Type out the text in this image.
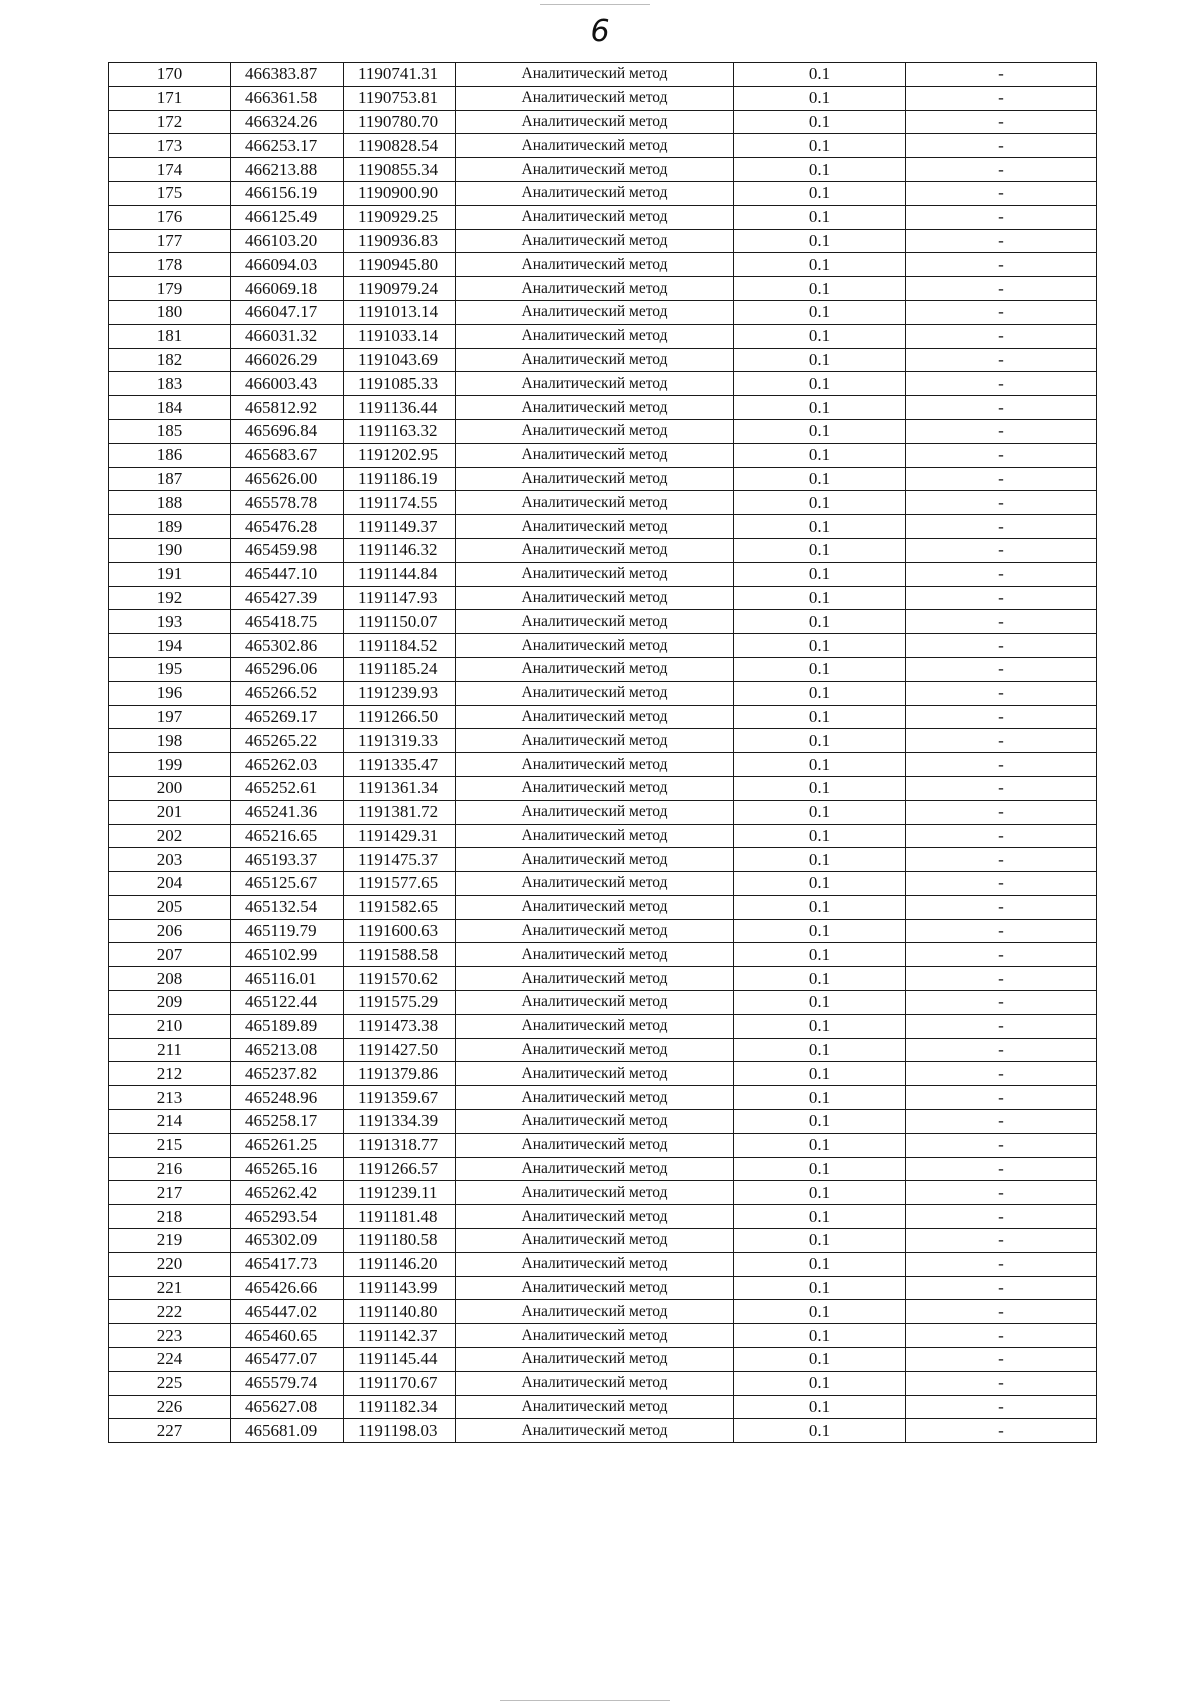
6
170	466383.87	1190741.31	Аналитический метод	0.1	-
171	466361.58	1190753.81	Аналитический метод	0.1	-
172	466324.26	1190780.70	Аналитический метод	0.1	-
173	466253.17	1190828.54	Аналитический метод	0.1	-
174	466213.88	1190855.34	Аналитический метод	0.1	-
175	466156.19	1190900.90	Аналитический метод	0.1	-
176	466125.49	1190929.25	Аналитический метод	0.1	-
177	466103.20	1190936.83	Аналитический метод	0.1	-
178	466094.03	1190945.80	Аналитический метод	0.1	-
179	466069.18	1190979.24	Аналитический метод	0.1	-
180	466047.17	1191013.14	Аналитический метод	0.1	-
181	466031.32	1191033.14	Аналитический метод	0.1	-
182	466026.29	1191043.69	Аналитический метод	0.1	-
183	466003.43	1191085.33	Аналитический метод	0.1	-
184	465812.92	1191136.44	Аналитический метод	0.1	-
185	465696.84	1191163.32	Аналитический метод	0.1	-
186	465683.67	1191202.95	Аналитический метод	0.1	-
187	465626.00	1191186.19	Аналитический метод	0.1	-
188	465578.78	1191174.55	Аналитический метод	0.1	-
189	465476.28	1191149.37	Аналитический метод	0.1	-
190	465459.98	1191146.32	Аналитический метод	0.1	-
191	465447.10	1191144.84	Аналитический метод	0.1	-
192	465427.39	1191147.93	Аналитический метод	0.1	-
193	465418.75	1191150.07	Аналитический метод	0.1	-
194	465302.86	1191184.52	Аналитический метод	0.1	-
195	465296.06	1191185.24	Аналитический метод	0.1	-
196	465266.52	1191239.93	Аналитический метод	0.1	-
197	465269.17	1191266.50	Аналитический метод	0.1	-
198	465265.22	1191319.33	Аналитический метод	0.1	-
199	465262.03	1191335.47	Аналитический метод	0.1	-
200	465252.61	1191361.34	Аналитический метод	0.1	-
201	465241.36	1191381.72	Аналитический метод	0.1	-
202	465216.65	1191429.31	Аналитический метод	0.1	-
203	465193.37	1191475.37	Аналитический метод	0.1	-
204	465125.67	1191577.65	Аналитический метод	0.1	-
205	465132.54	1191582.65	Аналитический метод	0.1	-
206	465119.79	1191600.63	Аналитический метод	0.1	-
207	465102.99	1191588.58	Аналитический метод	0.1	-
208	465116.01	1191570.62	Аналитический метод	0.1	-
209	465122.44	1191575.29	Аналитический метод	0.1	-
210	465189.89	1191473.38	Аналитический метод	0.1	-
211	465213.08	1191427.50	Аналитический метод	0.1	-
212	465237.82	1191379.86	Аналитический метод	0.1	-
213	465248.96	1191359.67	Аналитический метод	0.1	-
214	465258.17	1191334.39	Аналитический метод	0.1	-
215	465261.25	1191318.77	Аналитический метод	0.1	-
216	465265.16	1191266.57	Аналитический метод	0.1	-
217	465262.42	1191239.11	Аналитический метод	0.1	-
218	465293.54	1191181.48	Аналитический метод	0.1	-
219	465302.09	1191180.58	Аналитический метод	0.1	-
220	465417.73	1191146.20	Аналитический метод	0.1	-
221	465426.66	1191143.99	Аналитический метод	0.1	-
222	465447.02	1191140.80	Аналитический метод	0.1	-
223	465460.65	1191142.37	Аналитический метод	0.1	-
224	465477.07	1191145.44	Аналитический метод	0.1	-
225	465579.74	1191170.67	Аналитический метод	0.1	-
226	465627.08	1191182.34	Аналитический метод	0.1	-
227	465681.09	1191198.03	Аналитический метод	0.1	-
